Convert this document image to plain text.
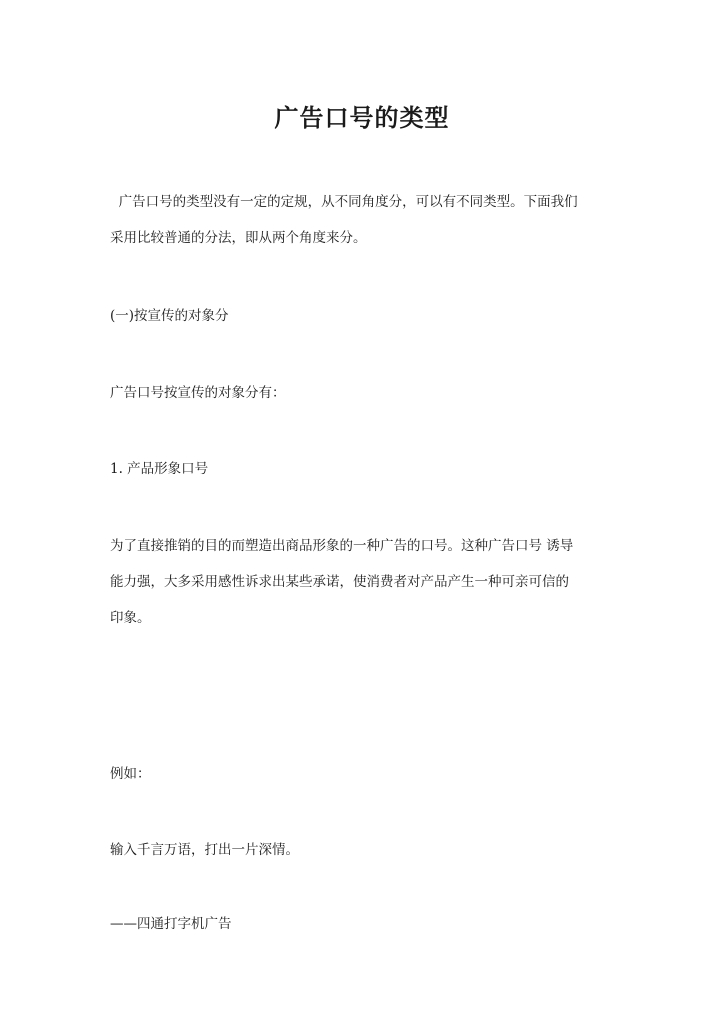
广告口号的类型
广告口号的类型没有一定的定规，从不同角度分，可以有不同类型。下面我们
采用比较普通的分法，即从两个角度来分。
(一)按宣传的对象分
广告口号按宣传的对象分有：
1. 产品形象口号
为了直接推销的目的而塑造出商品形象的一种广告的口号。这种广告口号 诱导
能力强，大多采用感性诉求出某些承诺，使消费者对产品产生一种可亲可信的
印象。
例如：
输入千言万语，打出一片深情。
——四通打字机广告
